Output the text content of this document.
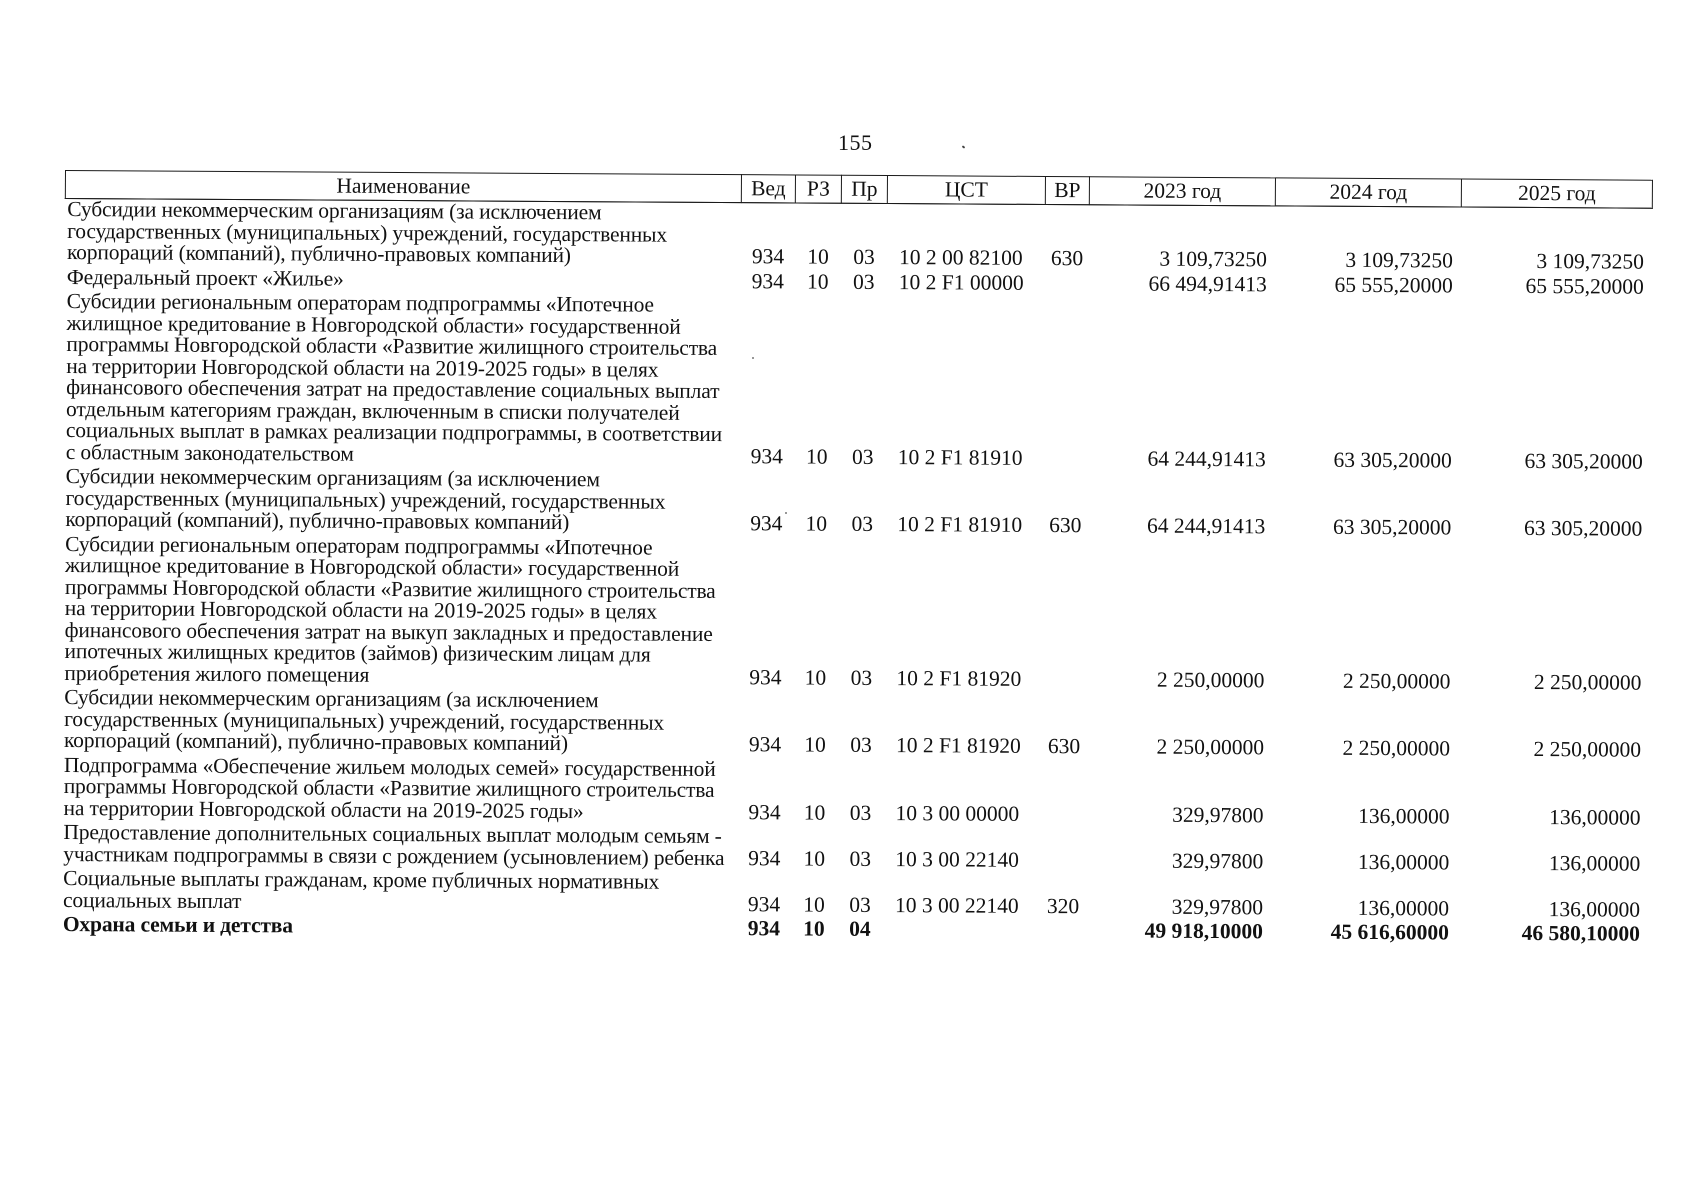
155
Наименование	Вед	РЗ	Пр	ЦСТ	ВР	2023 год	2024 год	2025 год
Субсидии некоммерческим организациям (за исключением государственных (муниципальных) учреждений, государственных корпораций (компаний), публично-правовых компаний)	934	10	03	10 2 00 82100	630	3 109,73250	3 109,73250	3 109,73250
Федеральный проект «Жилье»	934	10	03	10 2 F1 00000		66 494,91413	65 555,20000	65 555,20000
Субсидии региональным операторам подпрограммы «Ипотечное жилищное кредитование в Новгородской области» государственной программы Новгородской области «Развитие жилищного строительства на территории Новгородской области на 2019-2025 годы» в целях финансового обеспечения затрат на предоставление социальных выплат отдельным категориям граждан, включенным в списки получателей социальных выплат в рамках реализации подпрограммы, в соответствии с областным законодательством	934	10	03	10 2 F1 81910		64 244,91413	63 305,20000	63 305,20000
Субсидии некоммерческим организациям (за исключением государственных (муниципальных) учреждений, государственных корпораций (компаний), публично-правовых компаний)	934	10	03	10 2 F1 81910	630	64 244,91413	63 305,20000	63 305,20000
Субсидии региональным операторам подпрограммы «Ипотечное жилищное кредитование в Новгородской области» государственной программы Новгородской области «Развитие жилищного строительства на территории Новгородской области на 2019-2025 годы» в целях финансового обеспечения затрат на выкуп закладных и предоставление ипотечных жилищных кредитов (займов) физическим лицам для приобретения жилого помещения	934	10	03	10 2 F1 81920		2 250,00000	2 250,00000	2 250,00000
Субсидии некоммерческим организациям (за исключением государственных (муниципальных) учреждений, государственных корпораций (компаний), публично-правовых компаний)	934	10	03	10 2 F1 81920	630	2 250,00000	2 250,00000	2 250,00000
Подпрограмма «Обеспечение жильем молодых семей» государственной программы Новгородской области «Развитие жилищного строительства на территории Новгородской области на 2019-2025 годы»	934	10	03	10 3 00 00000		329,97800	136,00000	136,00000
Предоставление дополнительных социальных выплат молодым семьям - участникам подпрограммы в связи с рождением (усыновлением) ребенка	934	10	03	10 3 00 22140		329,97800	136,00000	136,00000
Социальные выплаты гражданам, кроме публичных нормативных социальных выплат	934	10	03	10 3 00 22140	320	329,97800	136,00000	136,00000
Охрана семьи и детства	934	10	04			49 918,10000	45 616,60000	46 580,10000
